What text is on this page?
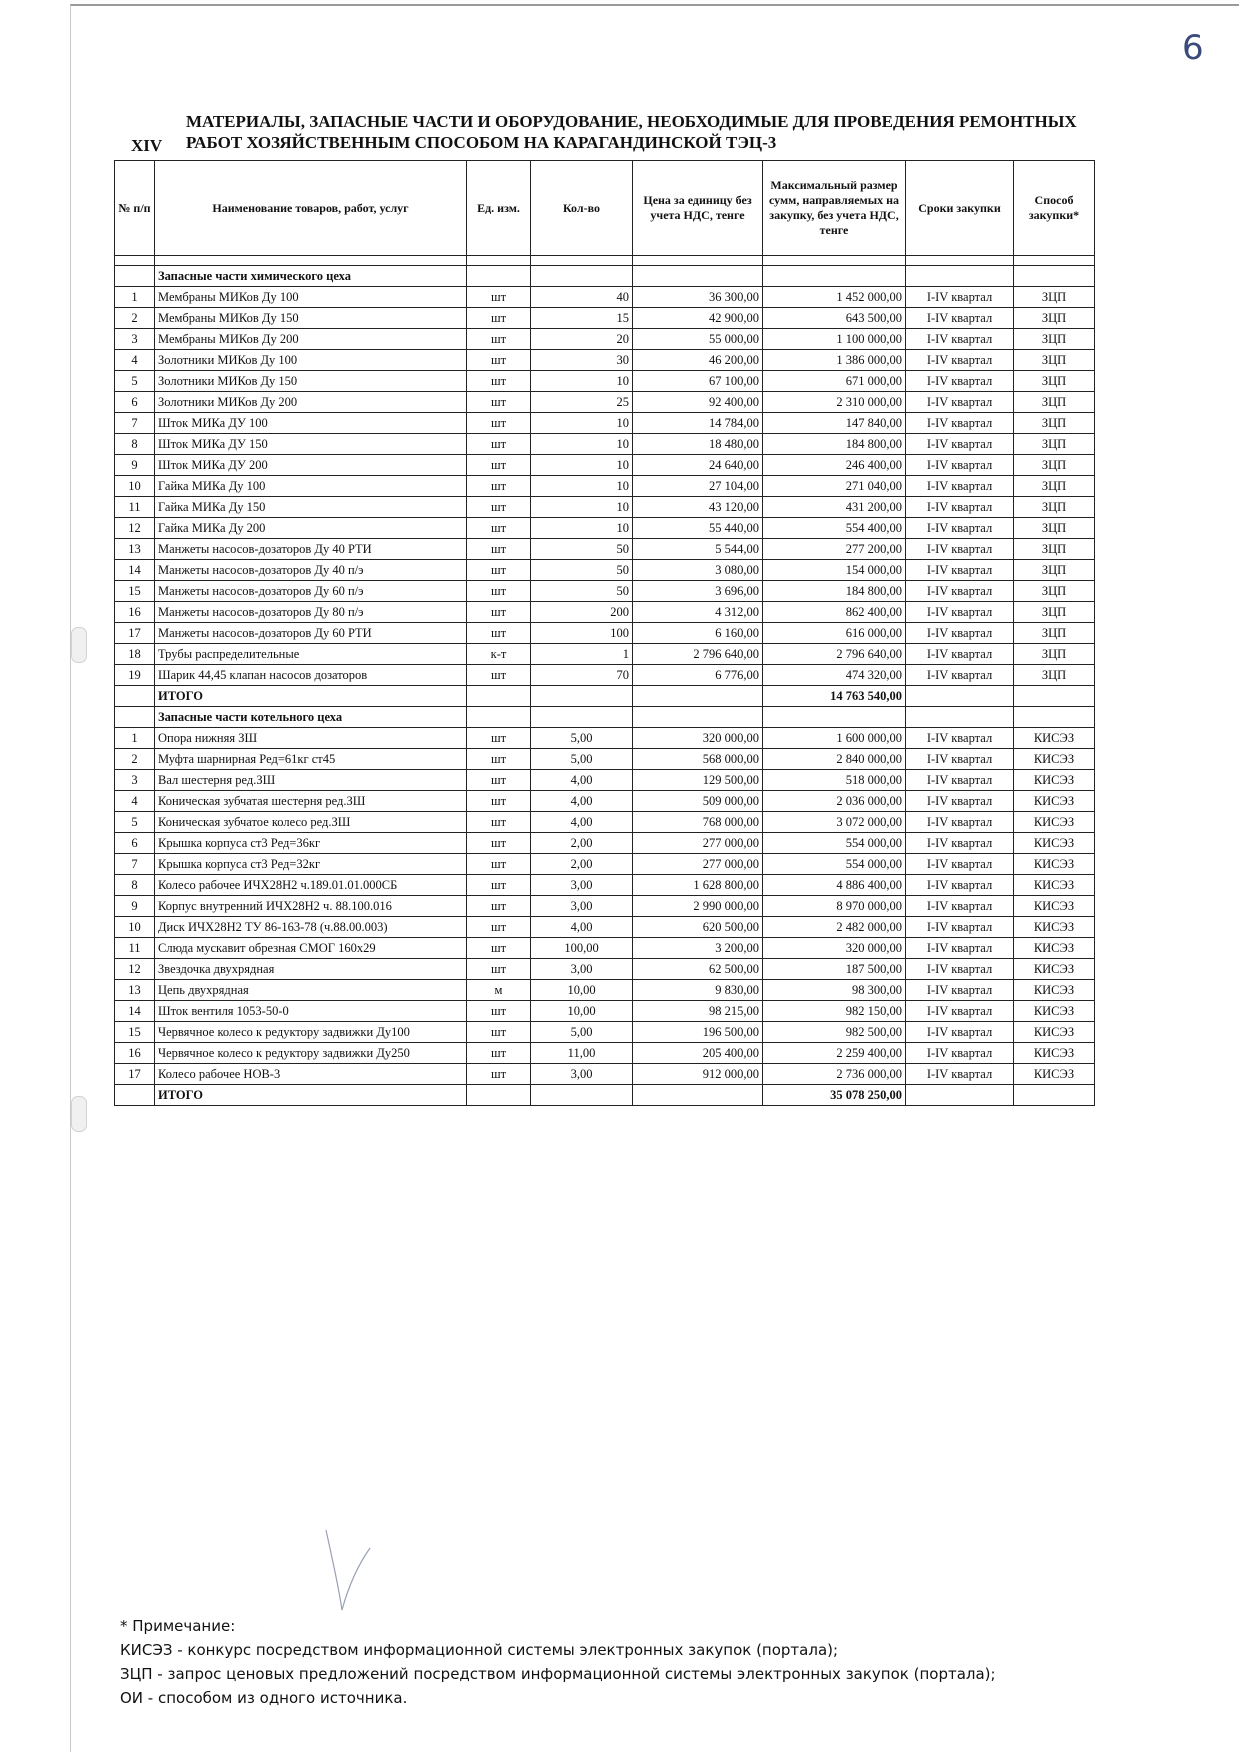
6
XIV
МАТЕРИАЛЫ, ЗАПАСНЫЕ ЧАСТИ И ОБОРУДОВАНИЕ, НЕОБХОДИМЫЕ ДЛЯ ПРОВЕДЕНИЯ РЕМОНТНЫХ
РАБОТ ХОЗЯЙСТВЕННЫМ СПОСОБОМ НА КАРАГАНДИНСКОЙ ТЭЦ-3
№ п/п	Наименование товаров, работ, услуг	Ед. изм.	Кол-во	Цена за единицу без учета НДС, тенге	Максимальный размер сумм, направляемых на закупку, без учета НДС, тенге	Сроки закупки	Способ закупки*

	Запасные части химического цеха						
1	Мембраны МИКов Ду 100	шт	40	36 300,00	1 452 000,00	I-IV квартал	ЗЦП
2	Мембраны МИКов Ду 150	шт	15	42 900,00	643 500,00	I-IV квартал	ЗЦП
3	Мембраны МИКов Ду 200	шт	20	55 000,00	1 100 000,00	I-IV квартал	ЗЦП
4	Золотники МИКов Ду 100	шт	30	46 200,00	1 386 000,00	I-IV квартал	ЗЦП
5	Золотники МИКов Ду 150	шт	10	67 100,00	671 000,00	I-IV квартал	ЗЦП
6	Золотники МИКов Ду 200	шт	25	92 400,00	2 310 000,00	I-IV квартал	ЗЦП
7	Шток МИКа ДУ 100	шт	10	14 784,00	147 840,00	I-IV квартал	ЗЦП
8	Шток МИКа ДУ 150	шт	10	18 480,00	184 800,00	I-IV квартал	ЗЦП
9	Шток МИКа ДУ 200	шт	10	24 640,00	246 400,00	I-IV квартал	ЗЦП
10	Гайка МИКа Ду 100	шт	10	27 104,00	271 040,00	I-IV квартал	ЗЦП
11	Гайка МИКа Ду 150	шт	10	43 120,00	431 200,00	I-IV квартал	ЗЦП
12	Гайка МИКа Ду 200	шт	10	55 440,00	554 400,00	I-IV квартал	ЗЦП
13	Манжеты насосов-дозаторов Ду 40 РТИ	шт	50	5 544,00	277 200,00	I-IV квартал	ЗЦП
14	Манжеты насосов-дозаторов Ду 40 п/э	шт	50	3 080,00	154 000,00	I-IV квартал	ЗЦП
15	Манжеты насосов-дозаторов Ду 60 п/э	шт	50	3 696,00	184 800,00	I-IV квартал	ЗЦП
16	Манжеты насосов-дозаторов Ду 80 п/э	шт	200	4 312,00	862 400,00	I-IV квартал	ЗЦП
17	Манжеты насосов-дозаторов Ду 60 РТИ	шт	100	6 160,00	616 000,00	I-IV квартал	ЗЦП
18	Трубы распределительные	к-т	1	2 796 640,00	2 796 640,00	I-IV квартал	ЗЦП
19	Шарик 44,45 клапан насосов дозаторов	шт	70	6 776,00	474 320,00	I-IV квартал	ЗЦП
	ИТОГО				14 763 540,00		
	Запасные части котельного цеха						
1	Опора нижняя ЗШ	шт	5,00	320 000,00	1 600 000,00	I-IV квартал	КИСЭЗ
2	Муфта шарнирная Ред=61кг ст45	шт	5,00	568 000,00	2 840 000,00	I-IV квартал	КИСЭЗ
3	Вал шестерня ред.ЗШ	шт	4,00	129 500,00	518 000,00	I-IV квартал	КИСЭЗ
4	Коническая зубчатая шестерня ред.ЗШ	шт	4,00	509 000,00	2 036 000,00	I-IV квартал	КИСЭЗ
5	Коническая зубчатое колесо ред.ЗШ	шт	4,00	768 000,00	3 072 000,00	I-IV квартал	КИСЭЗ
6	Крышка корпуса ст3 Ред=36кг	шт	2,00	277 000,00	554 000,00	I-IV квартал	КИСЭЗ
7	Крышка корпуса ст3 Ред=32кг	шт	2,00	277 000,00	554 000,00	I-IV квартал	КИСЭЗ
8	Колесо рабочее ИЧХ28Н2 ч.189.01.01.000СБ	шт	3,00	1 628 800,00	4 886 400,00	I-IV квартал	КИСЭЗ
9	Корпус внутренний ИЧХ28Н2 ч. 88.100.016	шт	3,00	2 990 000,00	8 970 000,00	I-IV квартал	КИСЭЗ
10	Диск ИЧХ28Н2 ТУ 86-163-78 (ч.88.00.003)	шт	4,00	620 500,00	2 482 000,00	I-IV квартал	КИСЭЗ
11	Слюда мускавит обрезная СМОГ 160х29	шт	100,00	3 200,00	320 000,00	I-IV квартал	КИСЭЗ
12	Звездочка двухрядная	шт	3,00	62 500,00	187 500,00	I-IV квартал	КИСЭЗ
13	Цепь двухрядная	м	10,00	9 830,00	98 300,00	I-IV квартал	КИСЭЗ
14	Шток вентиля 1053-50-0	шт	10,00	98 215,00	982 150,00	I-IV квартал	КИСЭЗ
15	Червячное колесо к редуктору задвижки Ду100	шт	5,00	196 500,00	982 500,00	I-IV квартал	КИСЭЗ
16	Червячное колесо к редуктору задвижки Ду250	шт	11,00	205 400,00	2 259 400,00	I-IV квартал	КИСЭЗ
17	Колесо рабочее НОВ-3	шт	3,00	912 000,00	2 736 000,00	I-IV квартал	КИСЭЗ
	ИТОГО				35 078 250,00		
* Примечание:
КИСЭЗ - конкурс посредством информационной системы электронных закупок (портала);
ЗЦП - запрос ценовых предложений посредством информационной системы электронных закупок (портала);
ОИ - способом из одного источника.
